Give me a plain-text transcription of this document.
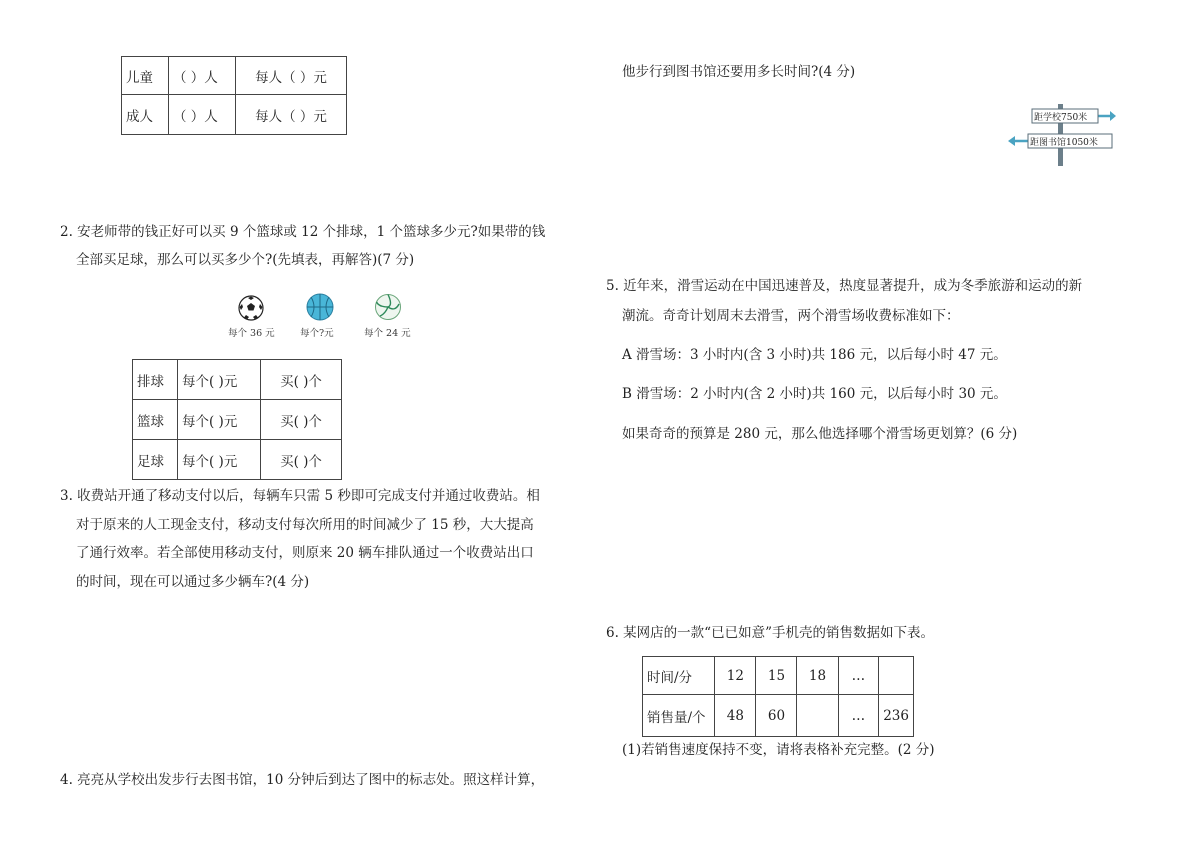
儿童	（ ）人	每人（ ）元
成人	（ ）人	每人（ ）元
2. 安老师带的钱正好可以买 9 个篮球或 12 个排球，1 个篮球多少元?如果带的钱
全部买足球，那么可以买多少个?(先填表，再解答)(7 分)
每个 36 元	每个?元	每个 24 元
排球	每个( )元	买( )个
篮球	每个( )元	买( )个
足球	每个( )元	买( )个
3. 收费站开通了移动支付以后，每辆车只需 5 秒即可完成支付并通过收费站。相
对于原来的人工现金支付，移动支付每次所用的时间减少了 15 秒，大大提高
了通行效率。若全部使用移动支付，则原来 20 辆车排队通过一个收费站出口
的时间，现在可以通过多少辆车?(4 分)
4. 亮亮从学校出发步行去图书馆，10 分钟后到达了图中的标志处。照这样计算，
他步行到图书馆还要用多长时间?(4 分)
距学校750米
距图书馆1050米
5. 近年来，滑雪运动在中国迅速普及，热度显著提升，成为冬季旅游和运动的新
潮流。奇奇计划周末去滑雪，两个滑雪场收费标准如下：
A 滑雪场：3 小时内(含 3 小时)共 186 元，以后每小时 47 元。
B 滑雪场：2 小时内(含 2 小时)共 160 元，以后每小时 30 元。
如果奇奇的预算是 280 元，那么他选择哪个滑雪场更划算？(6 分)
6. 某网店的一款“已已如意”手机壳的销售数据如下表。
时间/分	12	15	18	…	
销售量/个	48	60		…	236
(1)若销售速度保持不变，请将表格补充完整。(2 分)
